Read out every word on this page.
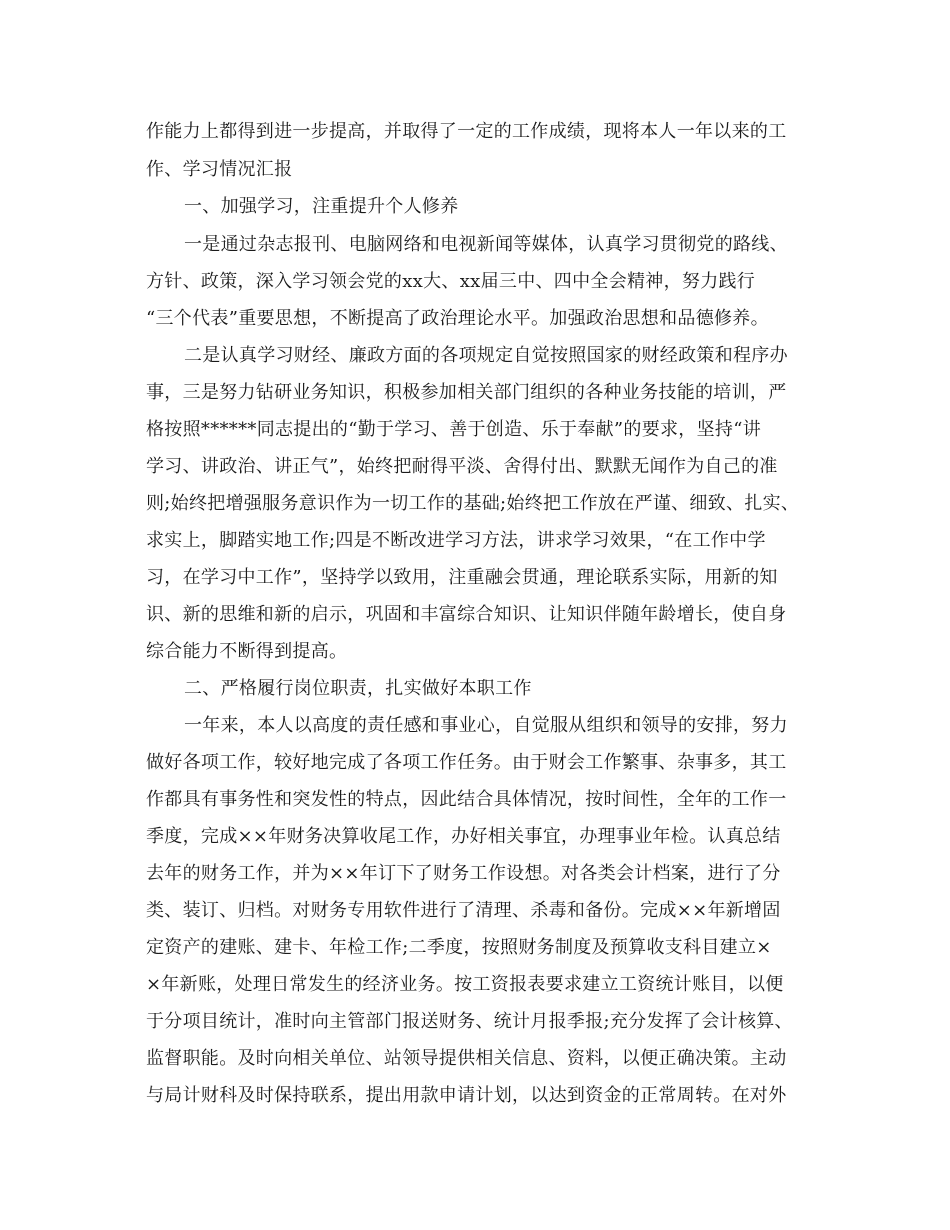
作能力上都得到进一步提高，并取得了一定的工作成绩，现将本人一年以来的工
作、学习情况汇报
一、加强学习，注重提升个人修养
一是通过杂志报刊、电脑网络和电视新闻等媒体，认真学习贯彻党的路线、
方针、政策，深入学习领会党的xx大、xx届三中、四中全会精神，努力践行
“三个代表”重要思想，不断提高了政治理论水平。加强政治思想和品德修养。
二是认真学习财经、廉政方面的各项规定自觉按照国家的财经政策和程序办
事，三是努力钻研业务知识，积极参加相关部门组织的各种业务技能的培训，严
格按照******同志提出的“勤于学习、善于创造、乐于奉献”的要求，坚持“讲
学习、讲政治、讲正气”，始终把耐得平淡、舍得付出、默默无闻作为自己的准
则;始终把增强服务意识作为一切工作的基础;始终把工作放在严谨、细致、扎实、
求实上，脚踏实地工作;四是不断改进学习方法，讲求学习效果，“在工作中学
习，在学习中工作”，坚持学以致用，注重融会贯通，理论联系实际，用新的知
识、新的思维和新的启示，巩固和丰富综合知识、让知识伴随年龄增长，使自身
综合能力不断得到提高。
二、严格履行岗位职责，扎实做好本职工作
一年来，本人以高度的责任感和事业心，自觉服从组织和领导的安排，努力
做好各项工作，较好地完成了各项工作任务。由于财会工作繁事、杂事多，其工
作都具有事务性和突发性的特点，因此结合具体情况，按时间性，全年的工作一
季度，完成××年财务决算收尾工作，办好相关事宜，办理事业年检。认真总结
去年的财务工作，并为××年订下了财务工作设想。对各类会计档案，进行了分
类、装订、归档。对财务专用软件进行了清理、杀毒和备份。完成××年新增固
定资产的建账、建卡、年检工作;二季度，按照财务制度及预算收支科目建立×
×年新账，处理日常发生的经济业务。按工资报表要求建立工资统计账目，以便
于分项目统计，准时向主管部门报送财务、统计月报季报;充分发挥了会计核算、
监督职能。及时向相关单位、站领导提供相关信息、资料，以便正确决策。主动
与局计财科及时保持联系，提出用款申请计划，以达到资金的正常周转。在对外
